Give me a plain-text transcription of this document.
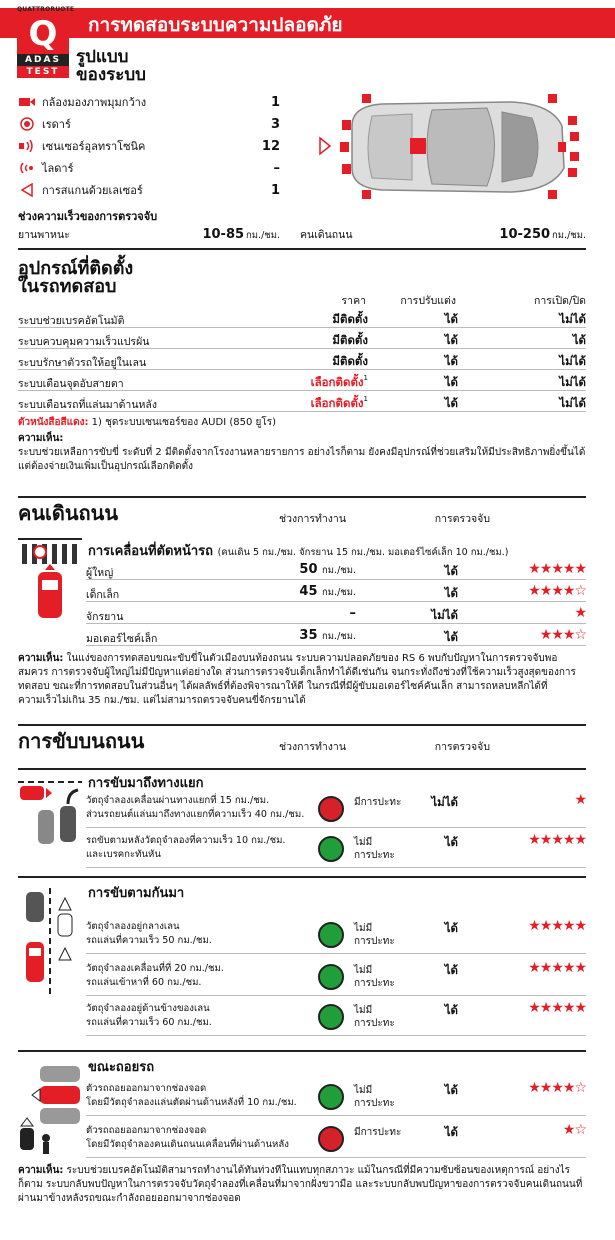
การทดสอบระบบความปลอดภัย
QUATTRORUOTE
Q
ADAS
TEST
รูปแบบ
ของระบบ
กล้องมองภาพมุมกว้าง	1
เรดาร์	3
เซนเซอร์อุลทราโซนิค	12
ไลดาร์	–
การสแกนด้วยเลเซอร์	1
ช่วงความเร็วของการตรวจจับ
ยานพาหนะ	10-85 กม./ชม. คนเดินถนน	10-250 กม./ชม.
อุปกรณ์ที่ติดตั้ง
ในรถทดสอบ
ราคา	การปรับแต่ง	การเปิด/ปิด
ระบบช่วยเบรคอัตโนมัติ	มีติดตั้ง	ได้	ไม่ได้
ระบบควบคุมความเร็วแปรผัน	มีติดตั้ง	ได้	ได้
ระบบรักษาตัวรถให้อยู่ในเลน	มีติดตั้ง	ได้	ไม่ได้
ระบบเตือนจุดอับสายตา	เลือกติดตั้ง$^1$	ได้	ไม่ได้
ระบบเตือนรถที่แล่นมาด้านหลัง	เลือกติดตั้ง$^1$	ได้	ไม่ได้
ตัวหนังสือสีแดง: 1) ชุดระบบเซนเซอร์ของ AUDI (850 ยูโร)
ความเห็น:
ระบบช่วยเหลือการขับขี่ ระดับที่ 2 มีติดตั้งจากโรงงานหลายรายการ อย่างไรก็ตาม ยังคงมีอุปกรณ์ที่ช่วยเสริมให้มีประสิทธิภาพยิ่งขึ้นได้ แต่ต้องจ่ายเงินเพิ่มเป็นอุปกรณ์เลือกติดตั้ง
คนเดินถนน	ช่วงการทำงาน	การตรวจจับ
การเคลื่อนที่ตัดหน้ารถ (คนเดิน 5 กม./ชม. จักรยาน 15 กม./ชม. มอเตอร์ไซค์เล็ก 10 กม./ชม.)
ผู้ใหญ่	50 กม./ชม.	ได้	★★★★★
เด็กเล็ก	45 กม./ชม.	ได้	★★★★☆
จักรยาน	–	ไม่ได้	★
มอเตอร์ไซค์เล็ก	35 กม./ชม.	ได้	★★★☆
ความเห็น: ในแง่ของการทดสอบขณะขับขี่ในตัวเมืองบนท้องถนน ระบบความปลอดภัยของ RS 6 พบกับปัญหาในการตรวจจับพอสมควร การตรวจจับผู้ใหญ่ไม่มีปัญหาแต่อย่างใด ส่วนการตรวจจับเด็กเล็กทำได้ดีเช่นกัน จนกระทั่งถึงช่วงที่ใช้ความเร็วสูงสุดของการทดสอบ ขณะที่การทดสอบในส่วนอื่นๆ ได้ผลลัพธ์ที่ต้องพิจารณาให้ดี ในกรณีที่มีผู้ขับมอเตอร์ไซค์คันเล็ก สามารถหลบหลีกได้ที่ความเร็วไม่เกิน 35 กม./ชม. แต่ไม่สามารถตรวจจับคนขี่จักรยานได้
การขับบนถนน	ช่วงการทำงาน	การตรวจจับ
การขับมาถึงทางแยก
วัตถุจำลองเคลื่อนผ่านทางแยกที่ 15 กม./ชม.
ส่วนรถยนต์แล่นมาถึงทางแยกที่ความเร็ว 40 กม./ชม.
มีการปะทะ	ไม่ได้	★
รถขับตามหลังวัตถุจำลองที่ความเร็ว 10 กม./ชม.
และเบรคกะทันหัน
ไม่มี
การปะทะ
ได้	★★★★★
การขับตามกันมา
วัตถุจำลองอยู่กลางเลน
รถแล่นที่ความเร็ว 50 กม./ชม.
ไม่มี
การปะทะ
ได้	★★★★★
วัตถุจำลองเคลื่อนที่ที่ 20 กม./ชม.
รถแล่นเข้าหาที่ 60 กม./ชม.
ไม่มี
การปะทะ
ได้	★★★★★
วัตถุจำลองอยู่ด้านข้างของเลน
รถแล่นที่ความเร็ว 60 กม./ชม.
ไม่มี
การปะทะ
ได้	★★★★★
ขณะถอยรถ
ตัวรถถอยออกมาจากช่องจอด
โดยมีวัตถุจำลองแล่นตัดผ่านด้านหลังที่ 10 กม./ชม.
ไม่มี
การปะทะ
ได้	★★★★☆
ตัวรถถอยออกมาจากช่องจอด
โดยมีวัตถุจำลองคนเดินถนนเคลื่อนที่ผ่านด้านหลัง
มีการปะทะ	ได้	★☆
ความเห็น: ระบบช่วยเบรคอัตโนมัติสามารถทำงานได้ทันท่วงทีในแทบทุกสภาวะ แม้ในกรณีที่มีความซับซ้อนของเหตุการณ์ อย่างไรก็ตาม ระบบกลับพบปัญหาในการตรวจจับวัตถุจำลองที่เคลื่อนที่มาจากฝั่งขวามือ และระบบกลับพบปัญหาของการตรวจจับคนเดินถนนที่ผ่านมาข้างหลังรถขณะกำลังถอยออกมาจากช่องจอด
